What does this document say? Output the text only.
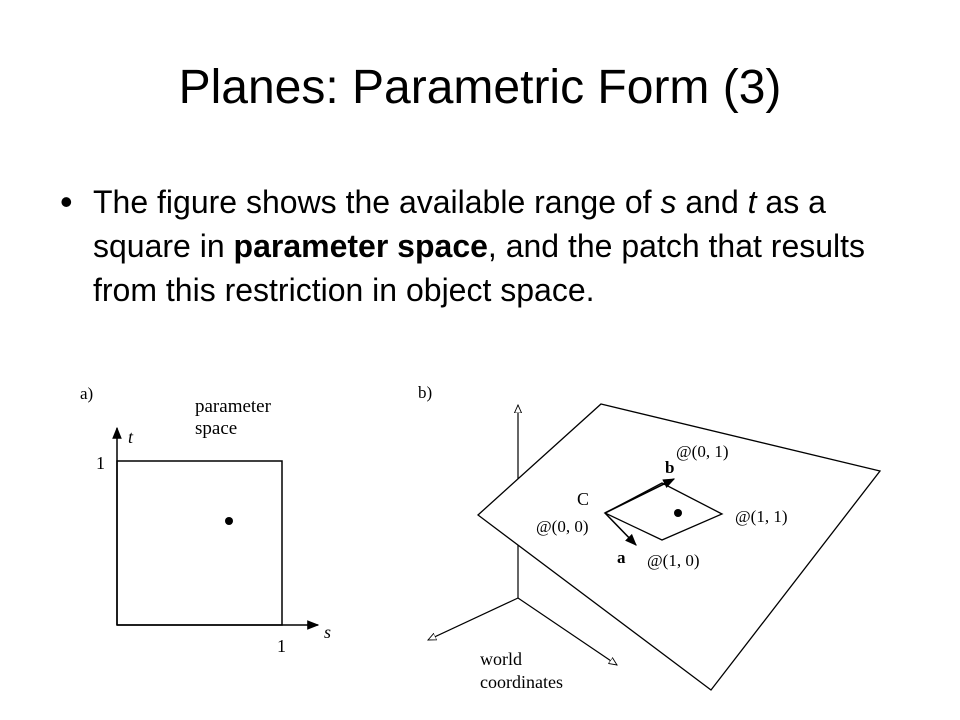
Planes: Parametric Form (3)
• The figure shows the available range of s and t as a square in parameter space, and the patch that results from this restriction in object space.
a)
parameter
space
t
s
1
1
b)
C
@(0, 0)
@(0, 1)
@(1, 1)
@(1, 0)
b
a
world
coordinates
